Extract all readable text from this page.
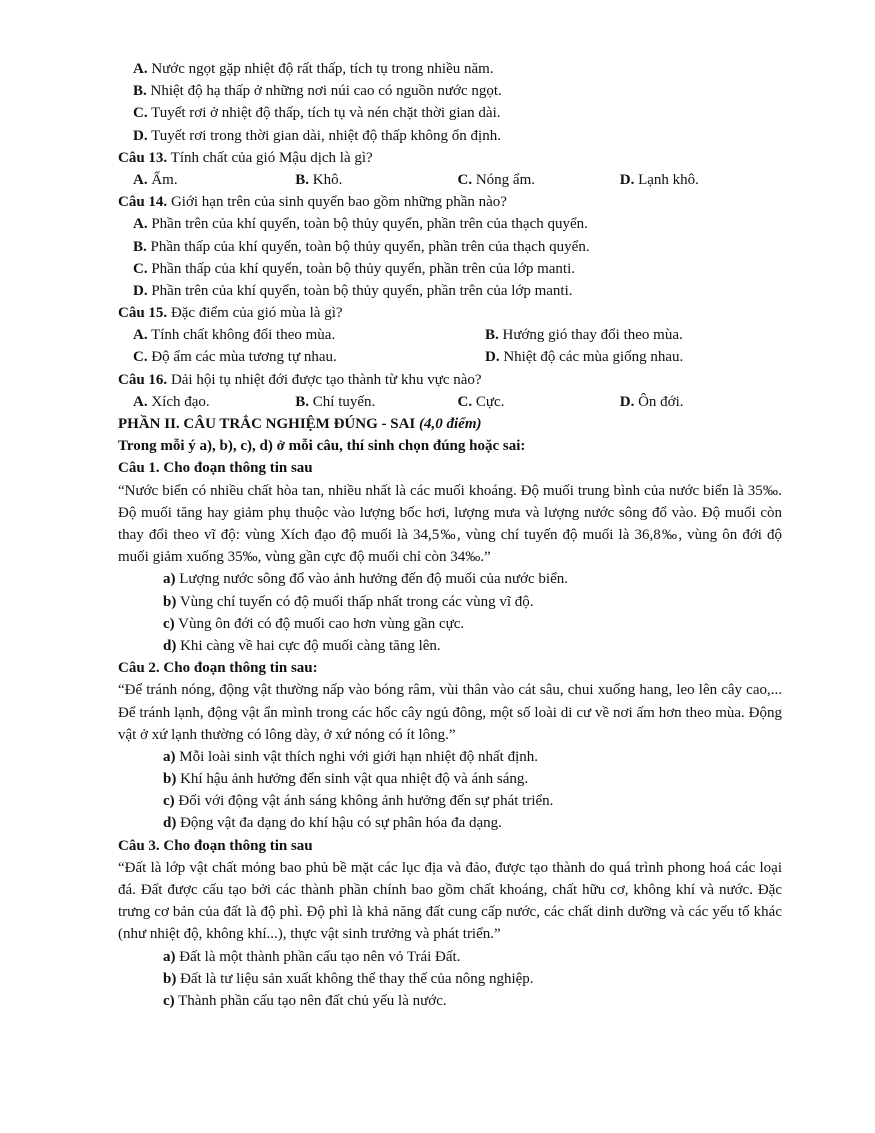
A. Nước ngọt gặp nhiệt độ rất thấp, tích tụ trong nhiều năm.
B. Nhiệt độ hạ thấp ở những nơi núi cao có nguồn nước ngọt.
C. Tuyết rơi ở nhiệt độ thấp, tích tụ và nén chặt thời gian dài.
D. Tuyết rơi trong thời gian dài, nhiệt độ thấp không ổn định.
Câu 13. Tính chất của gió Mậu dịch là gì?
A. Ẩm.	B. Khô.	C. Nóng ẩm.	D. Lạnh khô.
Câu 14. Giới hạn trên của sinh quyển bao gồm những phần nào?
A. Phần trên của khí quyển, toàn bộ thủy quyển, phần trên của thạch quyển.
B. Phần thấp của khí quyển, toàn bộ thủy quyển, phần trên của thạch quyển.
C. Phần thấp của khí quyển, toàn bộ thủy quyển, phần trên của lớp manti.
D. Phần trên của khí quyển, toàn bộ thủy quyển, phần trên của lớp manti.
Câu 15. Đặc điểm của gió mùa là gì?
A. Tính chất không đổi theo mùa.	B. Hướng gió thay đổi theo mùa.
C. Độ ẩm các mùa tương tự nhau.	D. Nhiệt độ các mùa giống nhau.
Câu 16. Dải hội tụ nhiệt đới được tạo thành từ khu vực nào?
A. Xích đạo.	B. Chí tuyến.	C. Cực.	D. Ôn đới.
PHẦN II. CÂU TRẮC NGHIỆM ĐÚNG - SAI (4,0 điểm)
Trong mỗi ý a), b), c), d) ở mỗi câu, thí sinh chọn đúng hoặc sai:
Câu 1. Cho đoạn thông tin sau
“Nước biển có nhiều chất hòa tan, nhiều nhất là các muối khoáng. Độ muối trung bình của nước biển là 35‰. Độ muối tăng hay giảm phụ thuộc vào lượng bốc hơi, lượng mưa và lượng nước sông đổ vào. Độ muối còn thay đổi theo vĩ độ: vùng Xích đạo độ muối là 34,5‰, vùng chí tuyến độ muối là 36,8‰, vùng ôn đới độ muối giảm xuống 35‰, vùng gần cực độ muối chỉ còn 34‰.”
a) Lượng nước sông đổ vào ảnh hưởng đến độ muối của nước biển.
b) Vùng chí tuyến có độ muối thấp nhất trong các vùng vĩ độ.
c) Vùng ôn đới có độ muối cao hơn vùng gần cực.
d) Khi càng về hai cực độ muối càng tăng lên.
Câu 2. Cho đoạn thông tin sau:
“Để tránh nóng, động vật thường nấp vào bóng râm, vùi thân vào cát sâu, chui xuống hang, leo lên cây cao,... Để tránh lạnh, động vật ẩn mình trong các hốc cây ngủ đông, một số loài di cư về nơi ấm hơn theo mùa. Động vật ở xứ lạnh thường có lông dày, ở xứ nóng có ít lông.”
a) Mỗi loài sinh vật thích nghi với giới hạn nhiệt độ nhất định.
b) Khí hậu ảnh hưởng đến sinh vật qua nhiệt độ và ánh sáng.
c) Đối với động vật ánh sáng không ảnh hưởng đến sự phát triển.
d) Động vật đa dạng do khí hậu có sự phân hóa đa dạng.
Câu 3. Cho đoạn thông tin sau
“Đất là lớp vật chất mỏng bao phủ bề mặt các lục địa và đảo, được tạo thành do quá trình phong hoá các loại đá. Đất được cấu tạo bởi các thành phần chính bao gồm chất khoáng, chất hữu cơ, không khí và nước. Đặc trưng cơ bản của đất là độ phì. Độ phì là khả năng đất cung cấp nước, các chất dinh dưỡng và các yếu tố khác (như nhiệt độ, không khí...), thực vật sinh trưởng và phát triển.”
a) Đất là một thành phần cấu tạo nên vỏ Trái Đất.
b) Đất là tư liệu sản xuất không thể thay thế của nông nghiệp.
c) Thành phần cấu tạo nên đất chủ yếu là nước.
